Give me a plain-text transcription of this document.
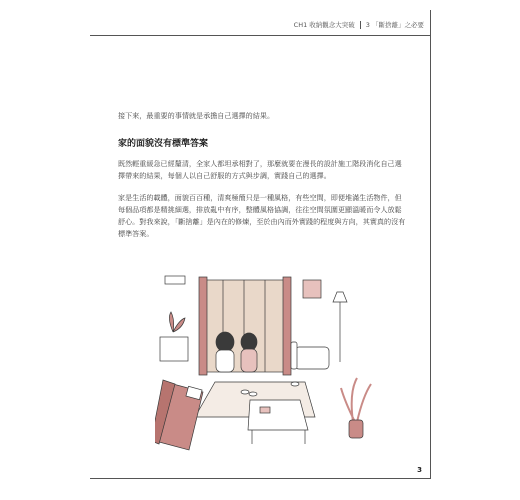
CH1 收納觀念大突破 3 「斷捨離」之必要

接下來，最重要的事情就是承擔自己選擇的結果。

家的面貌沒有標準答案

既然輕重緩急已經釐清，全家人都坦承相對了，那麼就要在漫長的設計施工階段消化自己選擇帶來的結果，每個人以自己舒服的方式與步調，實踐自己的選擇。

家是生活的載體，面貌百百種，清爽極簡只是一種風格，有些空間，即便堆滿生活物件，但每個品項都是精挑細選，排放亂中有序，整體風格協調，往往空間氛圍更顯溫暖而令人放鬆舒心。對我來說，「斷捨離」是內在的修煉，至於由內而外實踐的程度與方向，其實真的沒有標準答案。

3
